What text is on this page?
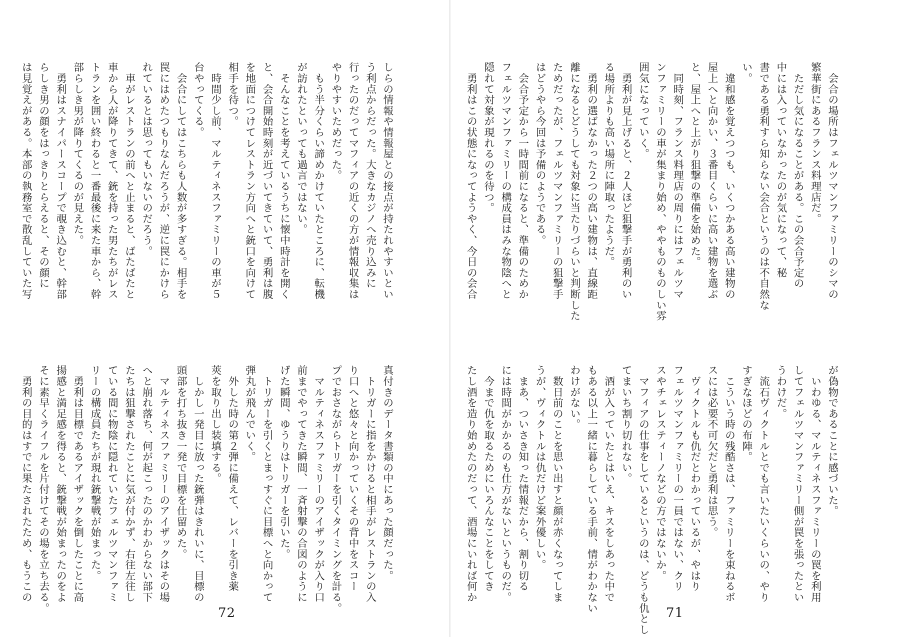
しらの情報や情報屋との接点が持たれやすいとい

う利点からだった。大きなカジノへ売り込みに

行ったのだってマフィアの近くの方が情報収集は

やりやすいためだった。

　もう半分くらい諦めかけていたところに、転機

が訪れたといっても過言ではない。

　そんなことを考えているうちに懐中時計を開く

と、会合開始時刻が近づいてきていて、勇利は腹

を地面につけてレストラン方向へと銃口を向けて

相手を待つ。

　時間少し前、マルティネスファミリーの車が５

台やってくる。

　会合にしてはこちらも人数が多すぎる。相手を

罠にはめたつもりなんだろうが、逆に罠にかけら

れているとは思ってもいないのだろう。

　車がレストランの前へと止まると、ばたばたと

車から人が降りてきて、銃を持った男たちがレス

トランを囲い終わると一番最後に来た車から、幹

部らしき男が降りてくるのが見えた。

　勇利はスナイパースコープで覗き込むと、幹部

らしき男の顔をはっきりとらえると、その顔に

は見覚えがある。本部の執務室で散乱していた写

真付きのデータ書類の中にあった顔だった。

　トリガーに指をかけると相手がレストランの入

り口へと悠々と向かっていくその背中をスコー

プでおさながらトリガーを引くタイミングを計る。

　マルティネスファミリーのアイザックが入り口

前までやってきた瞬間、一斉射撃の合図のように

げた瞬間、ゆうりはトリガーを引いた。

　トリガーを引くとまっすぐに目標へと向かって

弾丸が飛んでいく。

　外した時の第２弾に備えて、レバーを引き薬

莢を取り出し装填する。

　しかし一発目に放った銃弾はきれいに、目標の

頭部を打ち抜き一発で目標を仕留めた。

　マルティネスファミリーのアイザックはその場

へと崩れ落ち、何が起こったのかわからない部下

たちは狙撃されたことに気が付かず、右往左往し

ている間に物陰に隠れていたフェルツマンファミ

リーの構成員たちが現れ銃撃戦が始まった。

　勇利は目標であるアイザックを倒したことに高

揚感と満足感を得ると、銃撃戦が始まったのをよ

そに素早くライフルを片付けてその場を立ち去る。

　勇利の目的はすでに果たされたため、もうこの

72

　会合の場所はフェルツマンファミリーのシマの

繁華街にあるフランス料理店だ。

　ただし気になることがある。この会合予定の

中には入っていなかったのが気になって、秘

書である勇利すら知らない会合というのは不自然な

い。

　違和感を覚えつつも、いくつかある高い建物の

屋上へと向かい、３番目くらいに高い建物を選ぶ

と、屋上へと上がり狙撃の準備を始めた。

　同時刻、フランス料理店の周りにはフェルツマ

ンファミリーの車が集まり始め、ややものものしい雰

囲気になっていく。

　勇利が見上げると、２人ほど狙撃手が勇利のい

る場所よりも高い場所に陣取ったようだ。

　勇利の選ばなかった２つの高い建物は、直線距

離になるとどうしても対象に当たりづらいと判断した

ためだったが、フェルツマンファミリーの狙撃手

はどうやら今回は予備のようである。

　会合予定から一時間前になると、準備のためか

フェルツマンファミリーの構成員はみな物陰へと

隠れて対象が現れるのを待つ。

　勇利はこの状態になってようやく、今日の会合

が偽物であることに感づいた。

　いわゆる、マルティネスファミリーの罠を利用

してフェルツマンファミリー側が罠を張ったとい

うわけだ。

　流石ヴィクトルとでも言いたいくらいの、やり

すぎなほどの布陣。

　こういう時の残酷さは、ファミリーを束ねるボ

スには必要不可欠だと勇利は思う。

　ヴィクトルも仇だとわかっているが、やはり

フェルツマンファミリーの一員ではない、クリ

スやチェレスティーノなどの方ではないか。

　マフィアの仕事をしているというのは、どうも仇とし

てまいち割り切れない。

　酒が入っていたとはいえ、キスをしあった中で

もある以上一緒に暮らしている手前、情がわかない

わけがない。

　数日前のことを思い出すと顔が赤くなってしま

うが、ヴィクトルは仇だけど案外優しい。

　まあ、ついさき知った情報だから、割り切る

には時間がかかるのも仕方がないというものだ。

　今まで仇を取るためにいろんなことをしてき

たし酒を造り始めたのだって、酒場にいれば何か

71
